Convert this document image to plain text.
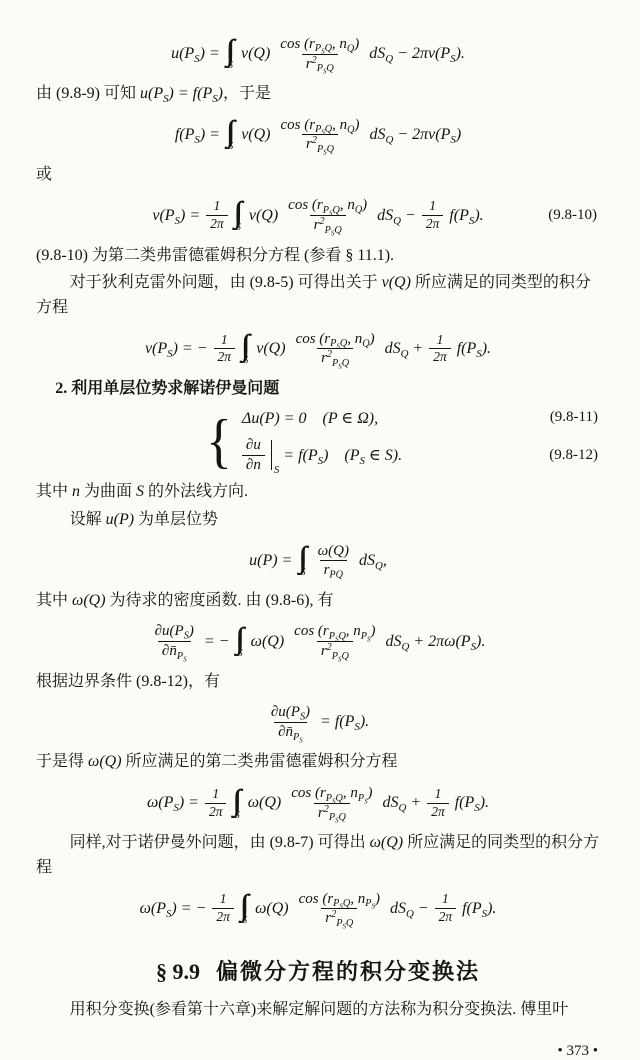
$u(P_S)$ = ∫∫ S
$\nu(Q) \frac{\cos (r_{P_SQ}, n_Q)}{r^2_{P_SQ}} dS_Q - 2\pi\nu(P_S)$.

由 (9.8-9) 可知 $u(P_S) = f(P_S)$，于是

$f(P_S)$ = ∫∫ S
$\nu(Q) \frac{\cos (r_{P_SQ}, n_Q)}{r^2_{P_SQ}} dS_Q - 2\pi\nu(P_S)$

或

$\nu(P_S) = \frac{1}{2\pi}$ ∫∫ S
$\nu(Q) \frac{\cos (r_{P_SQ}, n_Q)}{r^2_{P_SQ}} dS_Q - \frac{1}{2\pi} f(P_S)$.	(9.8-10)

(9.8-10) 为第二类弗雷德霍姆积分方程 (参看 § 11.1).

对于狄利克雷外问题，由 (9.8-5) 可得出关于 ν(Q) 所应满足的同类型的积分方程

$\nu(P_S)$ = − $\frac{1}{2\pi}$ ∫∫ S
$\nu(Q) \frac{\cos (r_{P_SQ}, n_Q)}{r^2_{P_SQ}} dS_Q + \frac{1}{2\pi} f(P_S)$.

2. 利用单层位势求解诺伊曼问题

{ Δu(P) = 0 (P ∈ Ω),	(9.8-11)
$\frac{\partial u}{\partial n}$ S
= $f(P_S)$ ($P_S$ ∈ S).	(9.8-12)

其中 n 为曲面 S 的外法线方向.

设解 u(P) 为单层位势

u(P) = ∫∫ S $\frac{\omega(Q)}{r_{PQ}} dS_Q$,

其中 ω(Q) 为待求的密度函数. 由 (9.8-6), 有

$\frac{\partial u(P_S)}{\partial n̄_{P_S}}$ = − ∫∫ S
$\omega(Q) \frac{\cos (r_{P_SQ}, n_{P_S})}{r^2_{P_SQ}} dS_Q + 2\pi\omega(P_S)$.

根据边界条件 (9.8-12)，有

$\frac{\partial u(P_S)}{\partial n̄_{P_S}} = f(P_S)$.

于是得 ω(Q) 所应满足的第二类弗雷德霍姆积分方程

$\omega(P_S) = \frac{1}{2\pi}$ ∫∫ S
$\omega(Q) \frac{\cos (r_{P_SQ}, n_{P_S})}{r^2_{P_SQ}} dS_Q + \frac{1}{2\pi} f(P_S)$.

同样,对于诺伊曼外问题，由 (9.8-7) 可得出 ω(Q) 所应满足的同类型的积分方程

$\omega(P_S)$ = − $\frac{1}{2\pi}$ ∫∫ S
$\omega(Q) \frac{\cos (r_{P_SQ}, n_{P_S})}{r^2_{P_SQ}} dS_Q - \frac{1}{2\pi} f(P_S)$.
§ 9.9 偏微分方程的积分变换法

用积分变换(参看第十六章)来解定解问题的方法称为积分变换法. 傅里叶

• 373 •
